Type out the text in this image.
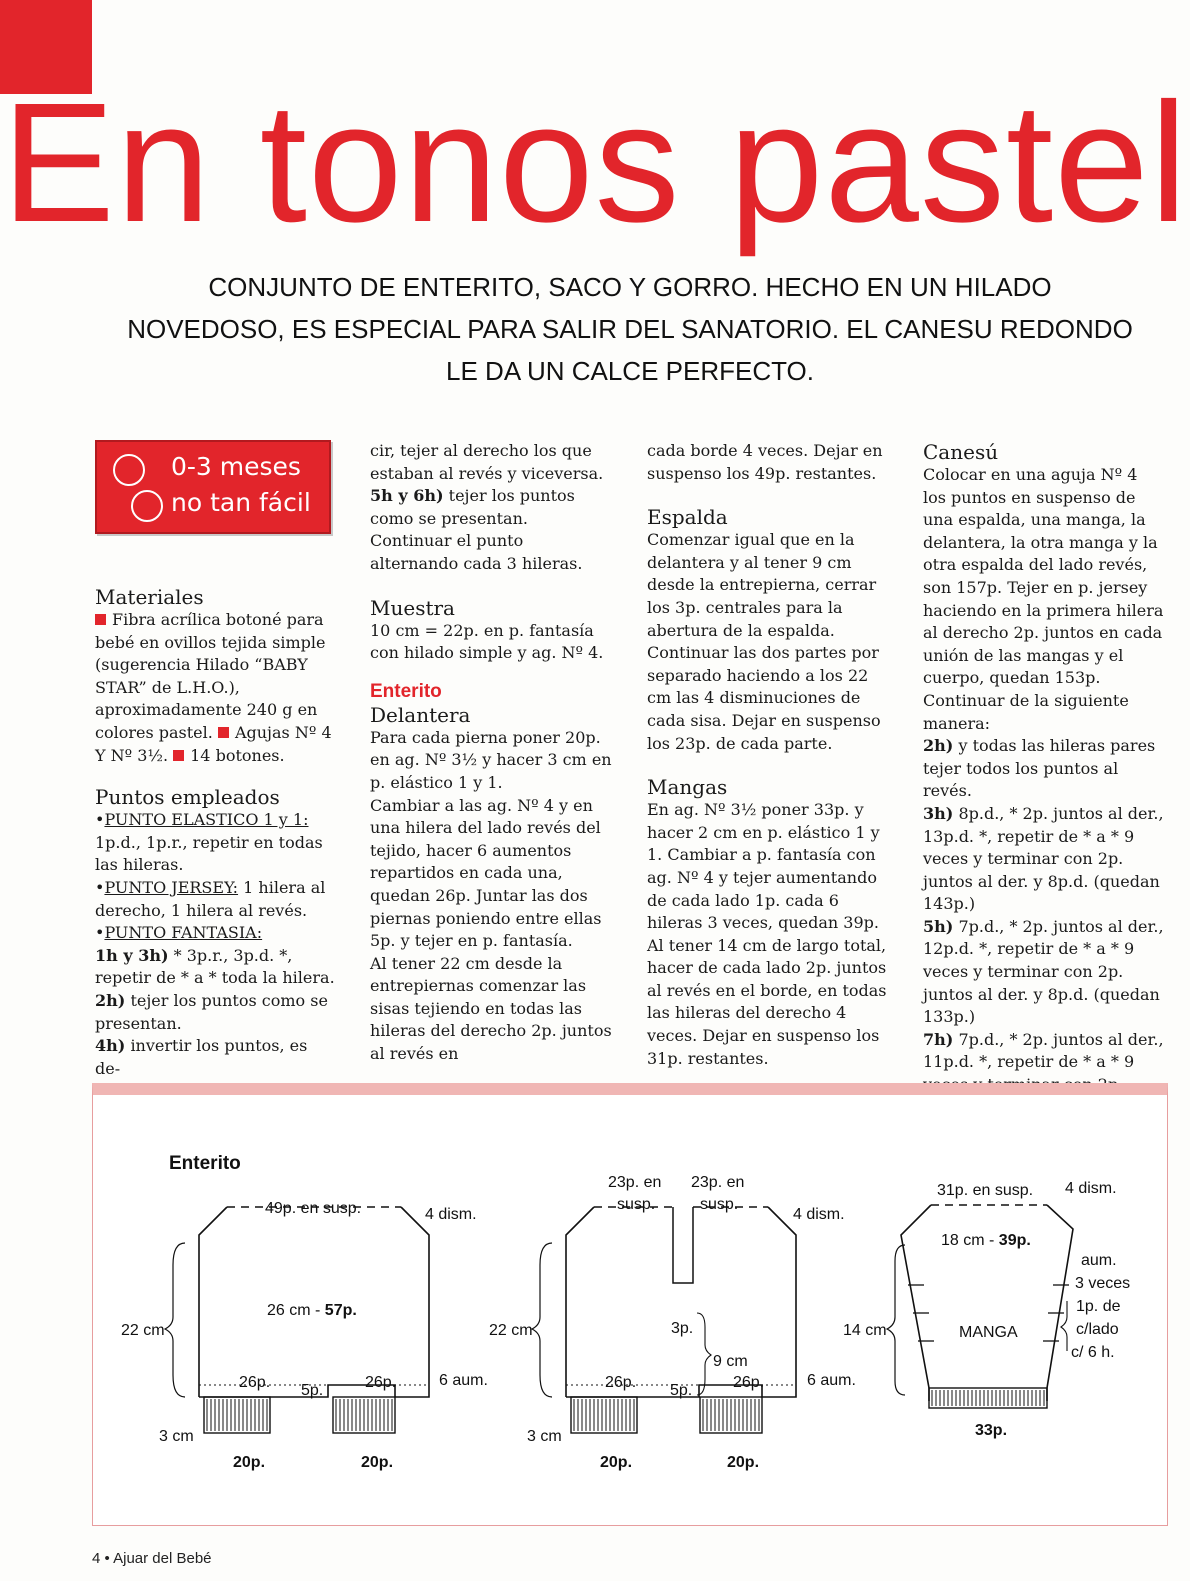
En tonos pastel
CONJUNTO DE ENTERITO, SACO Y GORRO. HECHO EN UN HILADO
NOVEDOSO, ES ESPECIAL PARA SALIR DEL SANATORIO. EL CANESU REDONDO
LE DA UN CALCE PERFECTO.
0-3 meses
no tan fácil
Materiales

Fibra acrílica botoné para bebé en ovillos tejida simple (sugerencia Hilado “BABY STAR” de L.H.O.), aproximadamente 240 g en colores pastel. Agujas Nº 4 Y Nº 3½. 14 botones.

Puntos empleados

•PUNTO ELASTICO 1 y 1: 1p.d., 1p.r., repetir en todas las hileras.

•PUNTO JERSEY: 1 hilera al derecho, 1 hilera al revés.

•PUNTO FANTASIA:

1h y 3h) * 3p.r., 3p.d. *, repetir de * a * toda la hilera.

2h) tejer los puntos como se presentan.

4h) invertir los puntos, es de-

cir, tejer al derecho los que estaban al revés y viceversa.

5h y 6h) tejer los puntos como se presentan.

Continuar el punto alternando cada 3 hileras.

Muestra

10 cm = 22p. en p. fantasía con hilado simple y ag. Nº 4.

Enterito
Delantera

Para cada pierna poner 20p. en ag. Nº 3½ y hacer 3 cm en p. elástico 1 y 1.

Cambiar a las ag. Nº 4 y en una hilera del lado revés del tejido, hacer 6 aumentos repartidos en cada una, quedan 26p. Juntar las dos piernas poniendo entre ellas 5p. y tejer en p. fantasía.

Al tener 22 cm desde la entrepiernas comenzar las sisas tejiendo en todas las hileras del derecho 2p. juntos al revés en

cada borde 4 veces. Dejar en suspenso los 49p. restantes.

Espalda

Comenzar igual que en la delantera y al tener 9 cm desde la entrepierna, cerrar los 3p. centrales para la abertura de la espalda. Continuar las dos partes por separado haciendo a los 22 cm las 4 disminuciones de cada sisa. Dejar en suspenso los 23p. de cada parte.

Mangas

En ag. Nº 3½ poner 33p. y hacer 2 cm en p. elástico 1 y 1. Cambiar a p. fantasía con ag. Nº 4 y tejer aumentando de cada lado 1p. cada 6 hileras 3 veces, quedan 39p. Al tener 14 cm de largo total, hacer de cada lado 2p. juntos al revés en el borde, en todas las hileras del derecho 4 veces. Dejar en suspenso los 31p. restantes.

Canesú

Colocar en una aguja Nº 4 los puntos en suspenso de una espalda, una manga, la delantera, la otra manga y la otra espalda del lado revés, son 157p. Tejer en p. jersey haciendo en la primera hilera al derecho 2p. juntos en cada unión de las mangas y el cuerpo, quedan 153p.

Continuar de la siguiente manera:

2h) y todas las hileras pares tejer todos los puntos al revés.

3h) 8p.d., * 2p. juntos al der., 13p.d. *, repetir de * a * 9 veces y terminar con 2p. juntos al der. y 8p.d. (quedan 143p.)

5h) 7p.d., * 2p. juntos al der., 12p.d. *, repetir de * a * 9 veces y terminar con 2p. juntos al der. y 8p.d. (quedan 133p.)

7h) 7p.d., * 2p. juntos al der., 11p.d. *, repetir de * a * 9

Enterito
22 cm
49p. en susp.	4 dism.
26 cm - 57p.
26p. 5p.	26p.	6 aum.
3 cm
20p.	20p.
22 cm
23p. en
susp.
23p. en
susp.
4 dism.
3p.
9 cm
26p. 5p.	26p.	6 aum.
3 cm
20p.	20p.
14 cm
31p. en susp. 4 dism.
18 cm - 39p.
aum.
3 veces
1p. de
c/lado
c/ 6 h.
MANGA
33p.
4 • Ajuar del Bebé
